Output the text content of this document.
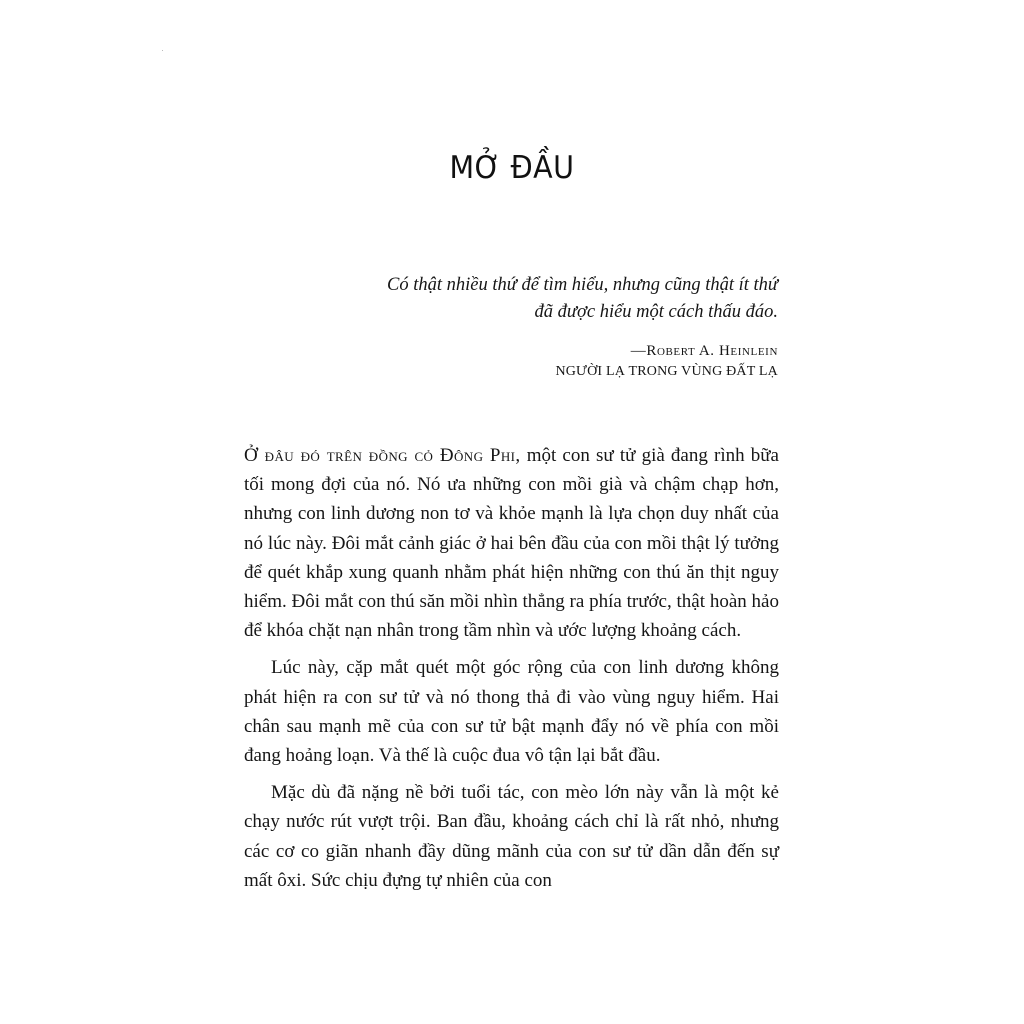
MỞ ĐẦU

Có thật nhiều thứ để tìm hiểu, nhưng cũng thật ít thứ
đã được hiểu một cách thấu đáo.

—Robert A. Heinlein
NGƯỜI LẠ TRONG VÙNG ĐẤT LẠ

Ở đâu đó trên đồng cỏ Đông Phi, một con sư tử già đang rình bữa tối mong đợi của nó. Nó ưa những con mồi già và chậm chạp hơn, nhưng con linh dương non tơ và khỏe mạnh là lựa chọn duy nhất của nó lúc này. Đôi mắt cảnh giác ở hai bên đầu của con mồi thật lý tưởng để quét khắp xung quanh nhằm phát hiện những con thú ăn thịt nguy hiểm. Đôi mắt con thú săn mồi nhìn thẳng ra phía trước, thật hoàn hảo để khóa chặt nạn nhân trong tầm nhìn và ước lượng khoảng cách.

Lúc này, cặp mắt quét một góc rộng của con linh dương không phát hiện ra con sư tử và nó thong thả đi vào vùng nguy hiểm. Hai chân sau mạnh mẽ của con sư tử bật mạnh đẩy nó về phía con mồi đang hoảng loạn. Và thế là cuộc đua vô tận lại bắt đầu.

Mặc dù đã nặng nề bởi tuổi tác, con mèo lớn này vẫn là một kẻ chạy nước rút vượt trội. Ban đầu, khoảng cách chỉ là rất nhỏ, nhưng các cơ co giãn nhanh đầy dũng mãnh của con sư tử dần dẫn đến sự mất ôxi. Sức chịu đựng tự nhiên của con
